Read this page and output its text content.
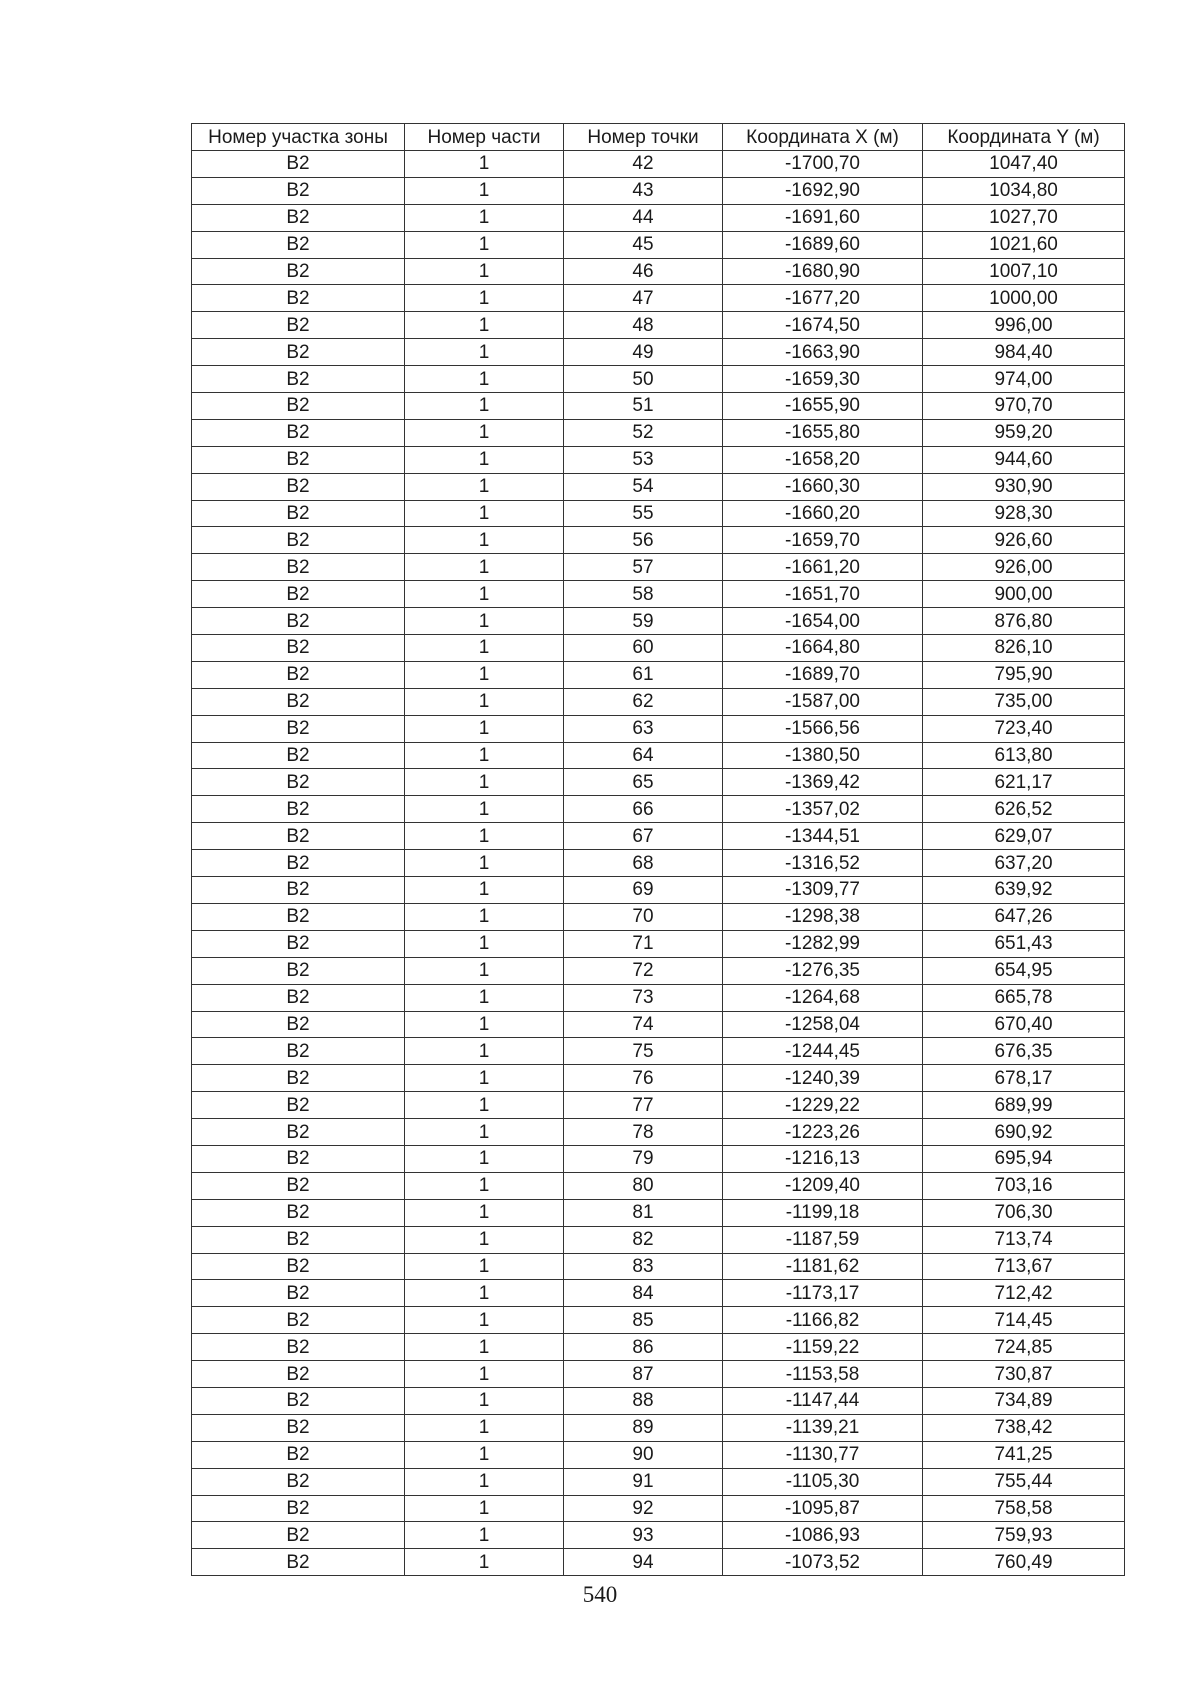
Номер участка зоны	Номер части	Номер точки	Координата X (м)	Координата Y (м)
В2	1	42	-1700,70	1047,40
В2	1	43	-1692,90	1034,80
В2	1	44	-1691,60	1027,70
В2	1	45	-1689,60	1021,60
В2	1	46	-1680,90	1007,10
В2	1	47	-1677,20	1000,00
В2	1	48	-1674,50	996,00
В2	1	49	-1663,90	984,40
В2	1	50	-1659,30	974,00
В2	1	51	-1655,90	970,70
В2	1	52	-1655,80	959,20
В2	1	53	-1658,20	944,60
В2	1	54	-1660,30	930,90
В2	1	55	-1660,20	928,30
В2	1	56	-1659,70	926,60
В2	1	57	-1661,20	926,00
В2	1	58	-1651,70	900,00
В2	1	59	-1654,00	876,80
В2	1	60	-1664,80	826,10
В2	1	61	-1689,70	795,90
В2	1	62	-1587,00	735,00
В2	1	63	-1566,56	723,40
В2	1	64	-1380,50	613,80
В2	1	65	-1369,42	621,17
В2	1	66	-1357,02	626,52
В2	1	67	-1344,51	629,07
В2	1	68	-1316,52	637,20
В2	1	69	-1309,77	639,92
В2	1	70	-1298,38	647,26
В2	1	71	-1282,99	651,43
В2	1	72	-1276,35	654,95
В2	1	73	-1264,68	665,78
В2	1	74	-1258,04	670,40
В2	1	75	-1244,45	676,35
В2	1	76	-1240,39	678,17
В2	1	77	-1229,22	689,99
В2	1	78	-1223,26	690,92
В2	1	79	-1216,13	695,94
В2	1	80	-1209,40	703,16
В2	1	81	-1199,18	706,30
В2	1	82	-1187,59	713,74
В2	1	83	-1181,62	713,67
В2	1	84	-1173,17	712,42
В2	1	85	-1166,82	714,45
В2	1	86	-1159,22	724,85
В2	1	87	-1153,58	730,87
В2	1	88	-1147,44	734,89
В2	1	89	-1139,21	738,42
В2	1	90	-1130,77	741,25
В2	1	91	-1105,30	755,44
В2	1	92	-1095,87	758,58
В2	1	93	-1086,93	759,93
В2	1	94	-1073,52	760,49
540
